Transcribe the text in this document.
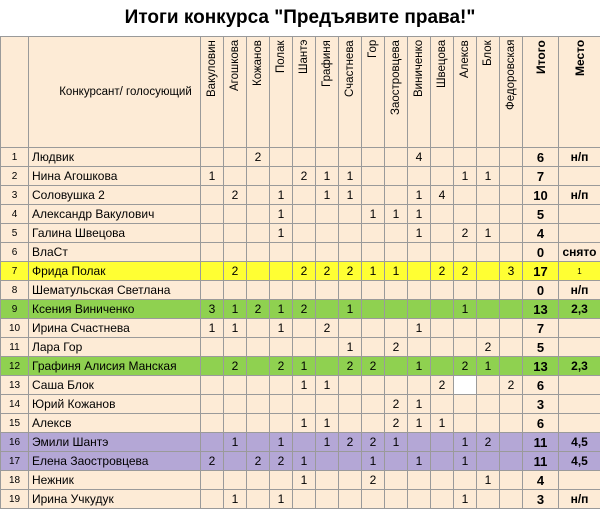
Итоги конкурса "Предъявите права!"
	Конкурсант/ голосующий	Вакуловин	Агошкова	Кожанов	Полак	Шантэ	Графиня	Счастнева	Гор	Заостровцева	Виниченко	Швецова	Алексв	Блок	Федоровская	Итого	Место

1	Людвик			2							4					6	н/п
2	Нина Агошкова	1				2	1	1					1	1		7	
3	Соловушка 2		2		1		1	1			1	4				10	н/п
4	Александр Вакулович				1				1	1	1					5	
5	Галина Швецова				1						1		2	1		4	
6	ВлаСт															0	снято
7	Фрида Полак		2			2	2	2	1	1		2	2		3	17	1
8	Шематульская Светлана															0	н/п
9	Ксения Виниченко	3	1	2	1	2		1					1			13	2,3
10	Ирина Счастнева	1	1		1		2				1					7	
11	Лара Гор							1		2				2		5	
12	Графиня Алисия Манская		2		2	1		2	2		1		2	1		13	2,3
13	Саша Блок					1	1					2			2	6	
14	Юрий Кожанов									2	1					3	
15	Алексв					1	1			2	1	1				6	
16	Эмили Шантэ		1		1		1	2	2	1			1	2		11	4,5
17	Елена Заостровцева	2		2	2	1			1		1		1			11	4,5
18	Нежник					1			2					1		4	
19	Ирина Учкудук		1		1								1			3	н/п
